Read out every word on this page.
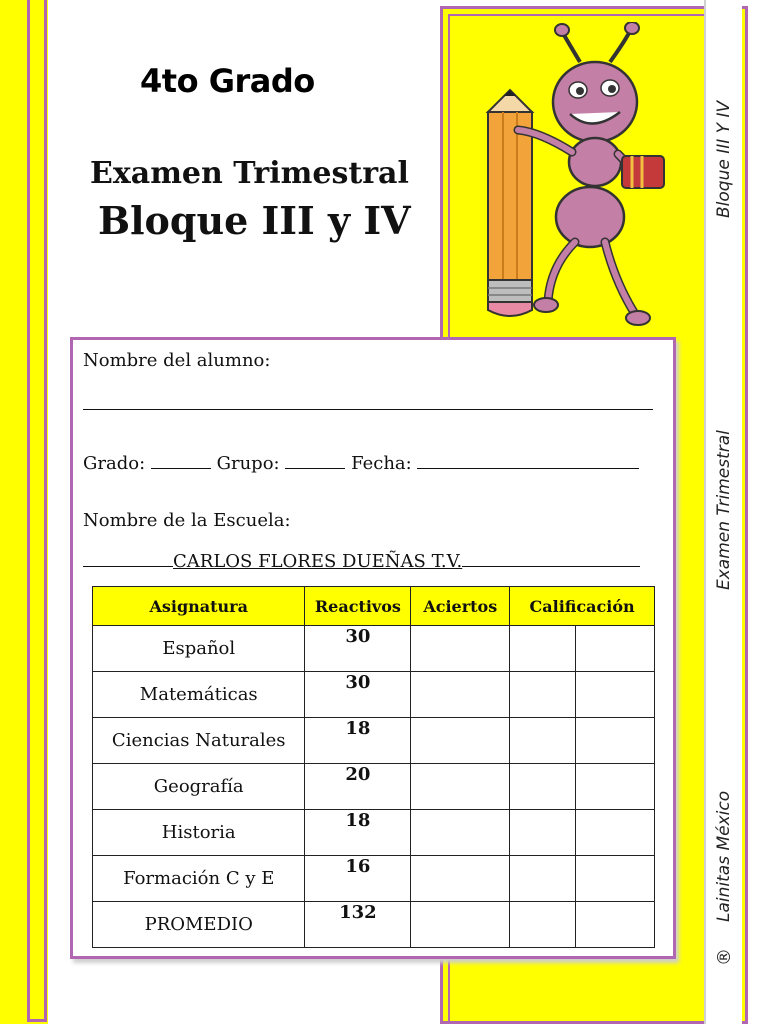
Bloque III Y IV
Examen Trimestral
Lainitas México
®
4to Grado
Examen Trimestral
Bloque III y IV
Nombre del alumno:
Grado:	Grupo:	Fecha:
Nombre de la Escuela:
CARLOS FLORES DUEÑAS T.V.
Asignatura	Reactivos	Aciertos	Calificación	
Español	30			
Matemáticas	30			
Ciencias Naturales	18			
Geografía	20			
Historia	18			
Formación C y E	16			
PROMEDIO	132			
